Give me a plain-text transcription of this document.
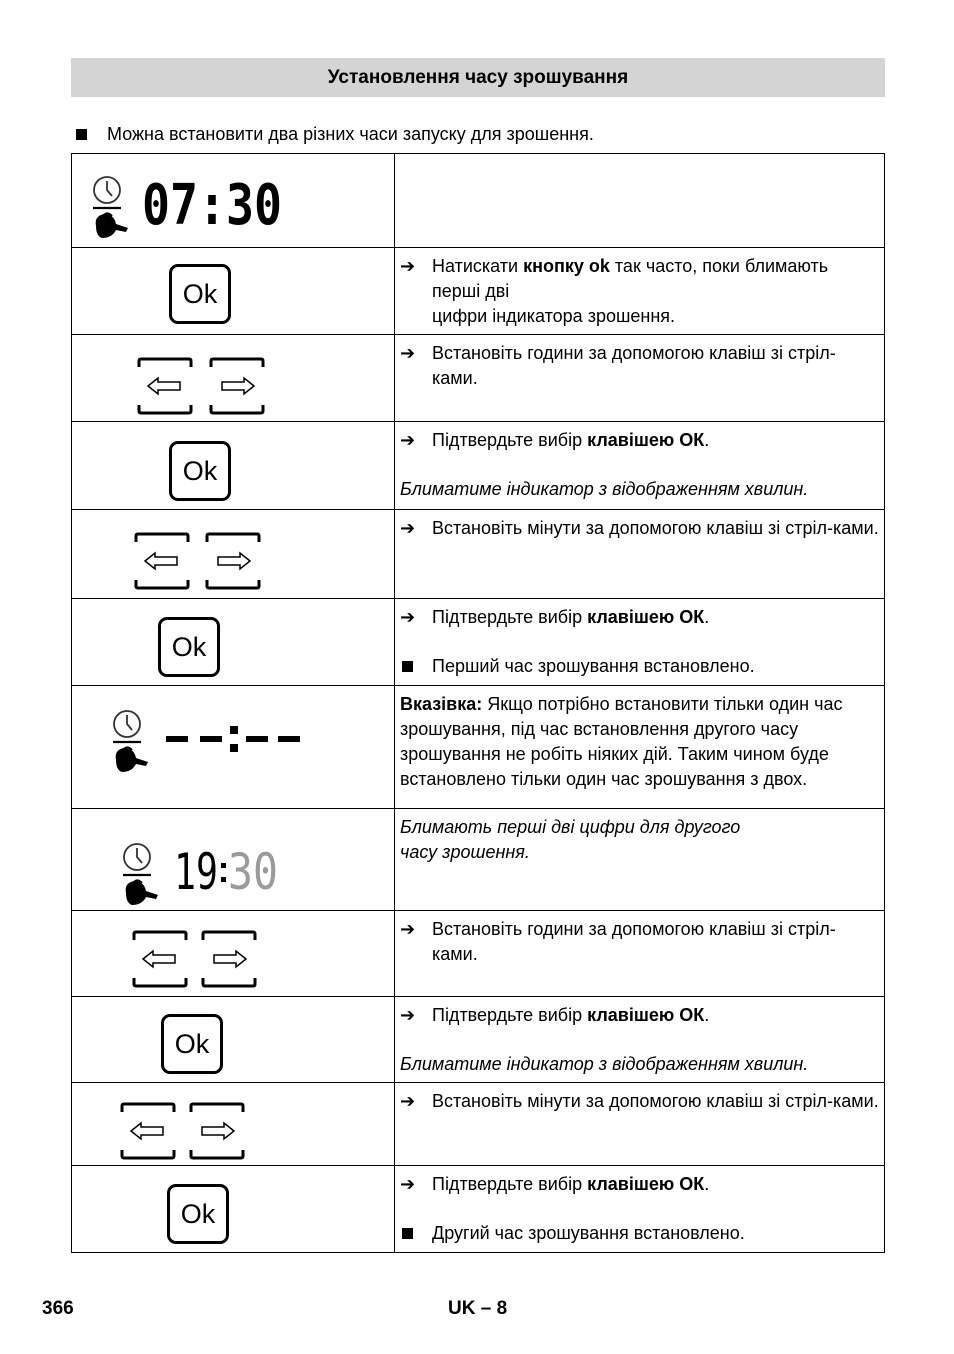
Установлення часу зрошування
Можна встановити два різних часи запуску для зрошення.
07:30	

Ok	➔ Натискати кнопку ok так часто, поки блимають перші дві
цифри індикатора зрошення.

➔ Встановіть години за допомогою клавіш зі стріл-ками.

Ok	➔ Підтвердьте вибір клавішею ОК.
Блиматиме індикатор з відображенням хвилин.

➔ Встановіть мінути за допомогою клавіш зі стріл-ками.

Ok	➔ Підтвердьте вибір клавішею ОК.
Перший час зрошування встановлено.

Вказівка: Якщо потрібно встановити тільки один час зрошування, під час встановлення другого часу зрошування не робіть ніяких дій. Таким чином буде встановлено тільки один час зрошування з двох.

19 30	Блимають перші дві цифри для другого
часу зрошення.

➔ Встановіть години за допомогою клавіш зі стріл-ками.

Ok	➔ Підтвердьте вибір клавішею ОК.
Блиматиме індикатор з відображенням хвилин.

➔ Встановіть мінути за допомогою клавіш зі стріл-ками.

Ok	➔ Підтвердьте вибір клавішею ОК.
Другий час зрошування встановлено.
366	UK – 8
